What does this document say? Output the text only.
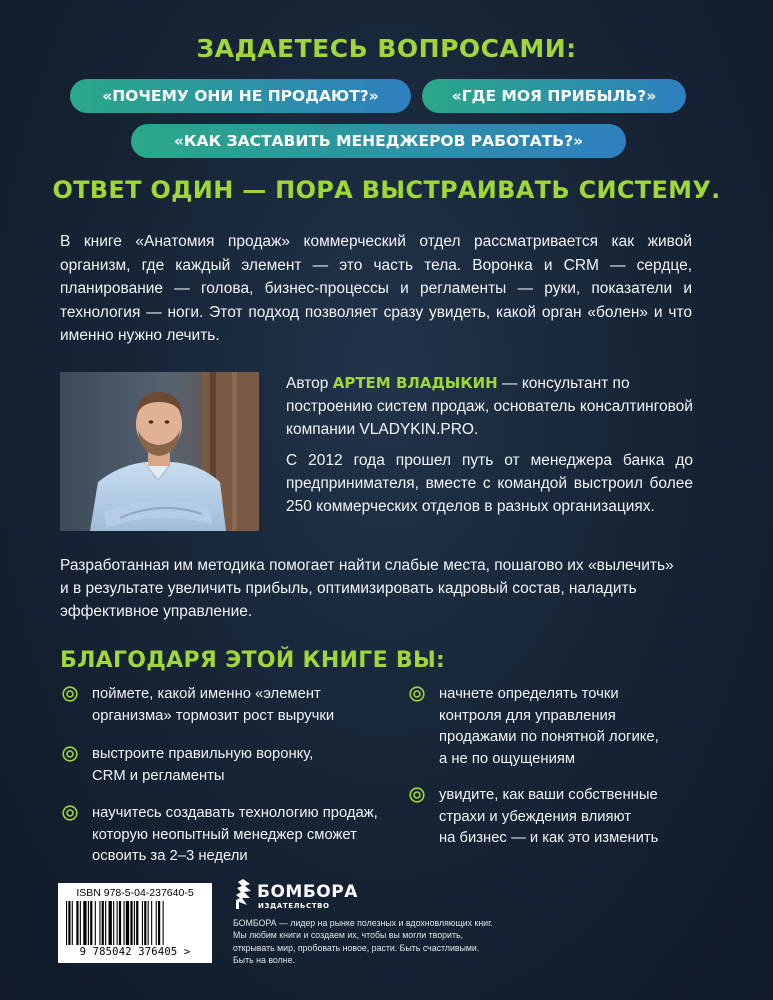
ЗАДАЕТЕСЬ ВОПРОСАМИ:
«ПОЧЕМУ ОНИ НЕ ПРОДАЮТ?»	«ГДЕ МОЯ ПРИБЫЛЬ?»
«КАК ЗАСТАВИТЬ МЕНЕДЖЕРОВ РАБОТАТЬ?»
ОТВЕТ ОДИН — ПОРА ВЫСТРАИВАТЬ СИСТЕМУ.
В книге «Анатомия продаж» коммерческий отдел рассматривается как живой организм, где каждый элемент — это часть тела. Воронка и CRM — сердце, планирование — голова, бизнес-процессы и регламенты — руки, показатели и технология — ноги. Этот подход позволяет сразу увидеть, какой орган «болен» и что именно нужно лечить.
Автор АРТЕМ ВЛАДЫКИН — консультант по построению систем продаж, основатель консалтинговой компании VLADYKIN.PRO.
С 2012 года прошел путь от менеджера банка до предпринимателя, вместе с командой выстроил более 250 коммерческих отделов в разных организациях.
Разработанная им методика помогает найти слабые места, пошагово их «вылечить» и в результате увеличить прибыль, оптимизировать кадровый состав, наладить эффективное управление.
БЛАГОДАРЯ ЭТОЙ КНИГЕ ВЫ:
поймете, какой именно «элемент
организма» тормозит рост выручки
выстроите правильную воронку,
CRM и регламенты
научитесь создавать технологию продаж,
которую неопытный менеджер сможет
освоить за 2–3 недели
начнете определять точки
контроля для управления
продажами по понятной логике,
а не по ощущениям
увидите, как ваши собственные
страхи и убеждения влияют
на бизнес — и как это изменить
ISBN 978-5-04-237640-5
9 785042 376405 >
БОМБОРА
ИЗДАТЕЛЬСТВО
БОМБОРА — лидер на рынке полезных и вдохновляющих книг. Мы любим книги и создаем их, чтобы вы могли творить, открывать мир, пробовать новое, расти. Быть счастливыми. Быть на волне.
